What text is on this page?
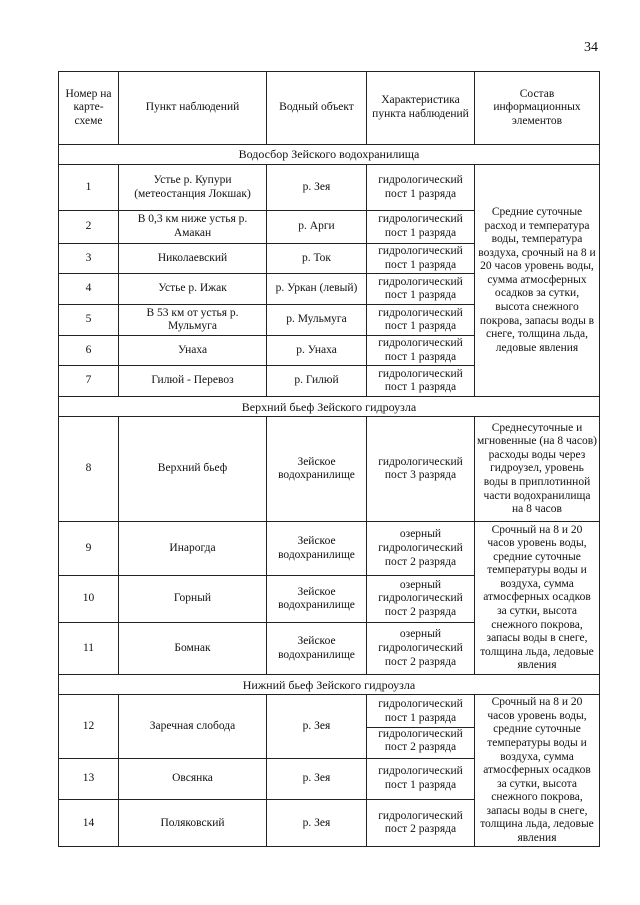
34
Номер на карте-схеме	Пункт наблюдений	Водный объект	Характеристика пункта наблюдений	Состав информационных элементов
Водосбор Зейского водохранилища				
1	Устье р. Купури (метеостанция Локшак)	р. Зея	гидрологический пост 1 разряда	Средние суточные расход и температура воды, температура воздуха, срочный на 8 и 20 часов уровень воды, сумма атмосферных осадков за сутки, высота снежного покрова, запасы воды в снеге, толщина льда, ледовые явления
2	В 0,3 км ниже устья р. Амакан	р. Арги	гидрологический пост 1 разряда	
3	Николаевский	р. Ток	гидрологический пост 1 разряда	
4	Устье р. Ижак	р. Уркан (левый)	гидрологический пост 1 разряда	
5	В 53 км от устья р. Мульмуга	р. Мульмуга	гидрологический пост 1 разряда	
6	Унаха	р. Унаха	гидрологический пост 1 разряда	
7	Гилюй - Перевоз	р. Гилюй	гидрологический пост 1 разряда	
Верхний бьеф Зейского гидроузла				
8	Верхний бьеф	Зейское водохранилище	гидрологический пост 3 разряда	Среднесуточные и мгновенные (на 8 часов) расходы воды через гидроузел, уровень воды в приплотинной части водохранилища на 8 часов
9	Инарогда	Зейское водохранилище	озерный гидрологический пост 2 разряда	Срочный на 8 и 20 часов уровень воды, средние суточные температуры воды и воздуха, сумма атмосферных осадков за сутки, высота снежного покрова, запасы воды в снеге, толщина льда, ледовые явления
10	Горный	Зейское водохранилище	озерный гидрологический пост 2 разряда	
11	Бомнак	Зейское водохранилище	озерный гидрологический пост 2 разряда	
Нижний бьеф Зейского гидроузла				
12	Заречная слобода	р. Зея	гидрологический пост 1 разряда
гидрологический пост 2 разряда	Срочный на 8 и 20 часов уровень воды, средние суточные температуры воды и воздуха, сумма атмосферных осадков за сутки, высота снежного покрова, запасы воды в снеге, толщина льда, ледовые явления
13	Овсянка	р. Зея	гидрологический пост 1 разряда	
14	Поляковский	р. Зея	гидрологический пост 2 разряда	
